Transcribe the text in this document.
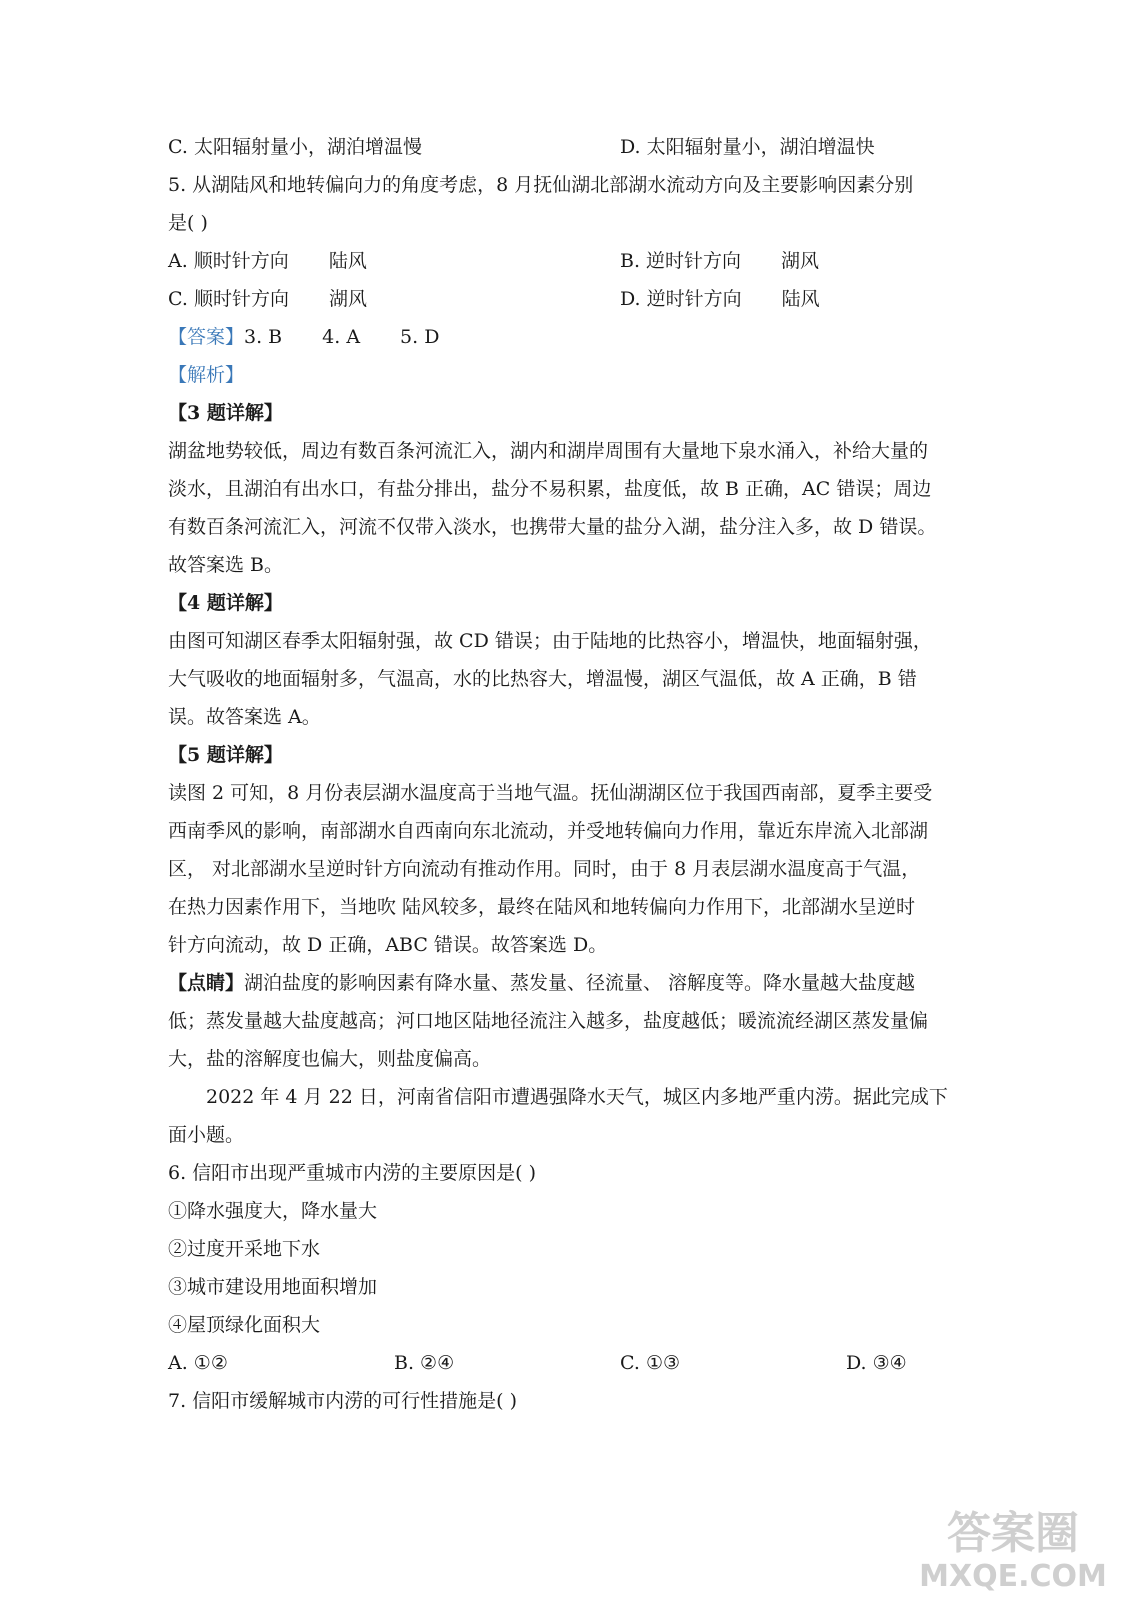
C. 太阳辐射量小，湖泊增温慢	D. 太阳辐射量小，湖泊增温快
5. 从湖陆风和地转偏向力的角度考虑，8 月抚仙湖北部湖水流动方向及主要影响因素分别
是( )
A. 顺时针方向 陆风	B. 逆时针方向 湖风
C. 顺时针方向 湖风	D. 逆时针方向 陆风
【答案】3. B 4. A 5. D
【解析】
【3 题详解】
湖盆地势较低，周边有数百条河流汇入，湖内和湖岸周围有大量地下泉水涌入，补给大量的
淡水，且湖泊有出水口，有盐分排出，盐分不易积累，盐度低，故 B 正确，AC 错误；周边
有数百条河流汇入，河流不仅带入淡水，也携带大量的盐分入湖，盐分注入多，故 D 错误。
故答案选 B。
【4 题详解】
由图可知湖区春季太阳辐射强，故 CD 错误；由于陆地的比热容小，增温快，地面辐射强，
大气吸收的地面辐射多，气温高，水的比热容大，增温慢，湖区气温低，故 A 正确，B 错
误。故答案选 A。
【5 题详解】
读图 2 可知，8 月份表层湖水温度高于当地气温。抚仙湖湖区位于我国西南部，夏季主要受
西南季风的影响，南部湖水自西南向东北流动，并受地转偏向力作用，靠近东岸流入北部湖
区， 对北部湖水呈逆时针方向流动有推动作用。同时，由于 8 月表层湖水温度高于气温，
在热力因素作用下，当地吹 陆风较多，最终在陆风和地转偏向力作用下，北部湖水呈逆时
针方向流动，故 D 正确，ABC 错误。故答案选 D。
【点睛】湖泊盐度的影响因素有降水量、蒸发量、径流量、 溶解度等。降水量越大盐度越
低；蒸发量越大盐度越高；河口地区陆地径流注入越多，盐度越低；暖流流经湖区蒸发量偏
大，盐的溶解度也偏大，则盐度偏高。
2022 年 4 月 22 日，河南省信阳市遭遇强降水天气，城区内多地严重内涝。据此完成下
面小题。
6. 信阳市出现严重城市内涝的主要原因是( )
①降水强度大，降水量大
②过度开采地下水
③城市建设用地面积增加
④屋顶绿化面积大
A. ①②	B. ②④	C. ①③	D. ③④
7. 信阳市缓解城市内涝的可行性措施是( )
答案圈
MXQE.COM
